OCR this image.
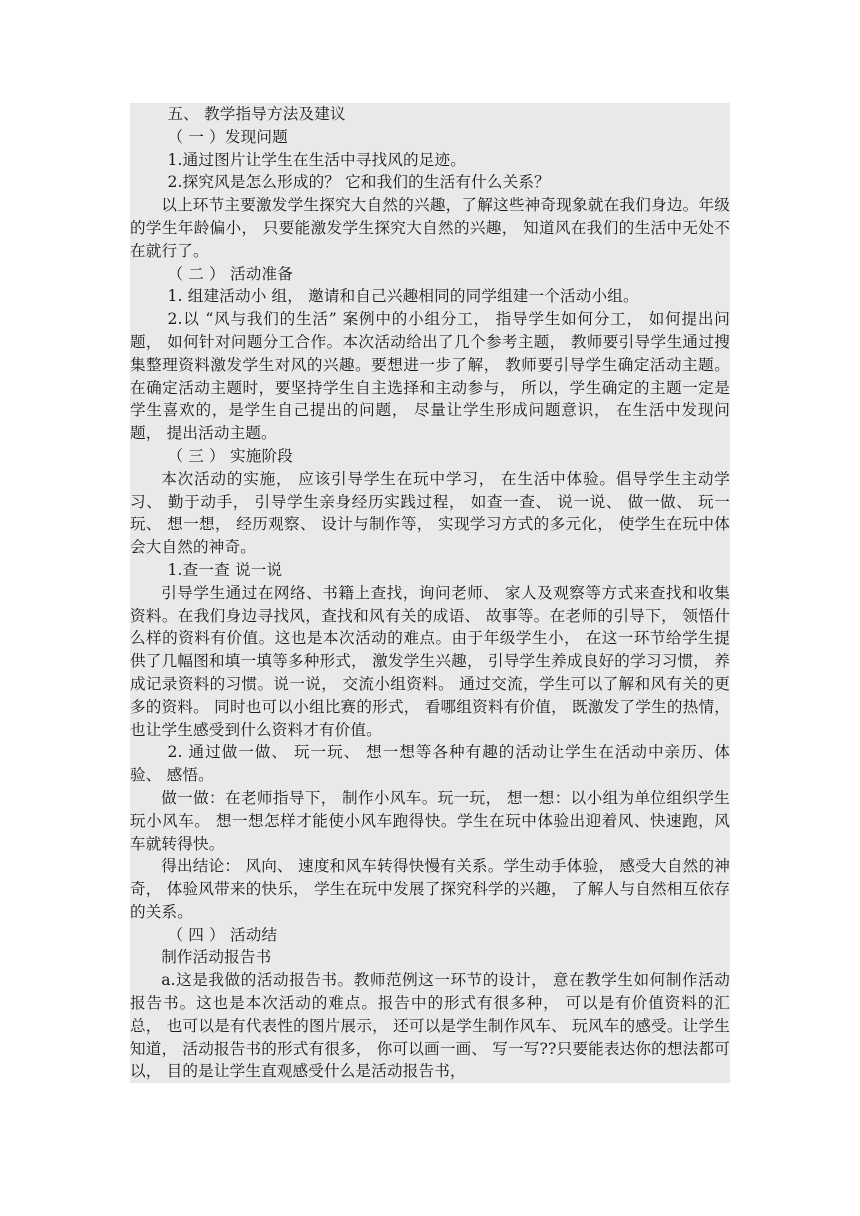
五、 教学指导方法及建议

（ 一 ）发现问题

1.通过图片让学生在生活中寻找风的足迹。

2.探究风是怎么形成的？ 它和我们的生活有什么关系？

以上环节主要激发学生探究大自然的兴趣，了解这些神奇现象就在我们身边。年级的学生年龄偏小， 只要能激发学生探究大自然的兴趣， 知道风在我们的生活中无处不在就行了。

（ 二 ） 活动准备

1. 组建活动小 组， 邀请和自己兴趣相同的同学组建一个活动小组。

2.以 “风与我们的生活” 案例中的小组分工， 指导学生如何分工， 如何提出问题， 如何针对问题分工合作。本次活动给出了几个参考主题， 教师要引导学生通过搜集整理资料激发学生对风的兴趣。要想进一步了解， 教师要引导学生确定活动主题。在确定活动主题时，要坚持学生自主选择和主动参与， 所以，学生确定的主题一定是学生喜欢的，是学生自己提出的问题， 尽量让学生形成问题意识， 在生活中发现问题， 提出活动主题。

（ 三 ） 实施阶段

本次活动的实施， 应该引导学生在玩中学习， 在生活中体验。倡导学生主动学习、 勤于动手， 引导学生亲身经历实践过程， 如查一查、 说一说、 做一做、 玩一玩、 想一想， 经历观察、 设计与制作等， 实现学习方式的多元化， 使学生在玩中体会大自然的神奇。

1.查一查 说一说

引导学生通过在网络、书籍上查找，询问老师、 家人及观察等方式来查找和收集资料。在我们身边寻找风，查找和风有关的成语、 故事等。在老师的引导下， 领悟什么样的资料有价值。这也是本次活动的难点。由于年级学生小， 在这一环节给学生提供了几幅图和填一填等多种形式， 激发学生兴趣， 引导学生养成良好的学习习惯， 养成记录资料的习惯。说一说， 交流小组资料。 通过交流，学生可以了解和风有关的更多的资料。 同时也可以小组比赛的形式， 看哪组资料有价值， 既激发了学生的热情， 也让学生感受到什么资料才有价值。

2. 通过做一做、 玩一玩、 想一想等各种有趣的活动让学生在活动中亲历、体验、 感悟。

做一做：在老师指导下， 制作小风车。玩一玩， 想一想：以小组为单位组织学生玩小风车。 想一想怎样才能使小风车跑得快。学生在玩中体验出迎着风、快速跑，风车就转得快。

得出结论： 风向、 速度和风车转得快慢有关系。学生动手体验， 感受大自然的神奇， 体验风带来的快乐， 学生在玩中发展了探究科学的兴趣， 了解人与自然相互依存的关系。

（ 四 ） 活动结

制作活动报告书

a.这是我做的活动报告书。教师范例这一环节的设计， 意在教学生如何制作活动报告书。这也是本次活动的难点。报告中的形式有很多种， 可以是有价值资料的汇总， 也可以是有代表性的图片展示， 还可以是学生制作风车、 玩风车的感受。让学生知道， 活动报告书的形式有很多， 你可以画一画、 写一写??只要能表达你的想法都可以， 目的是让学生直观感受什么是活动报告书，
